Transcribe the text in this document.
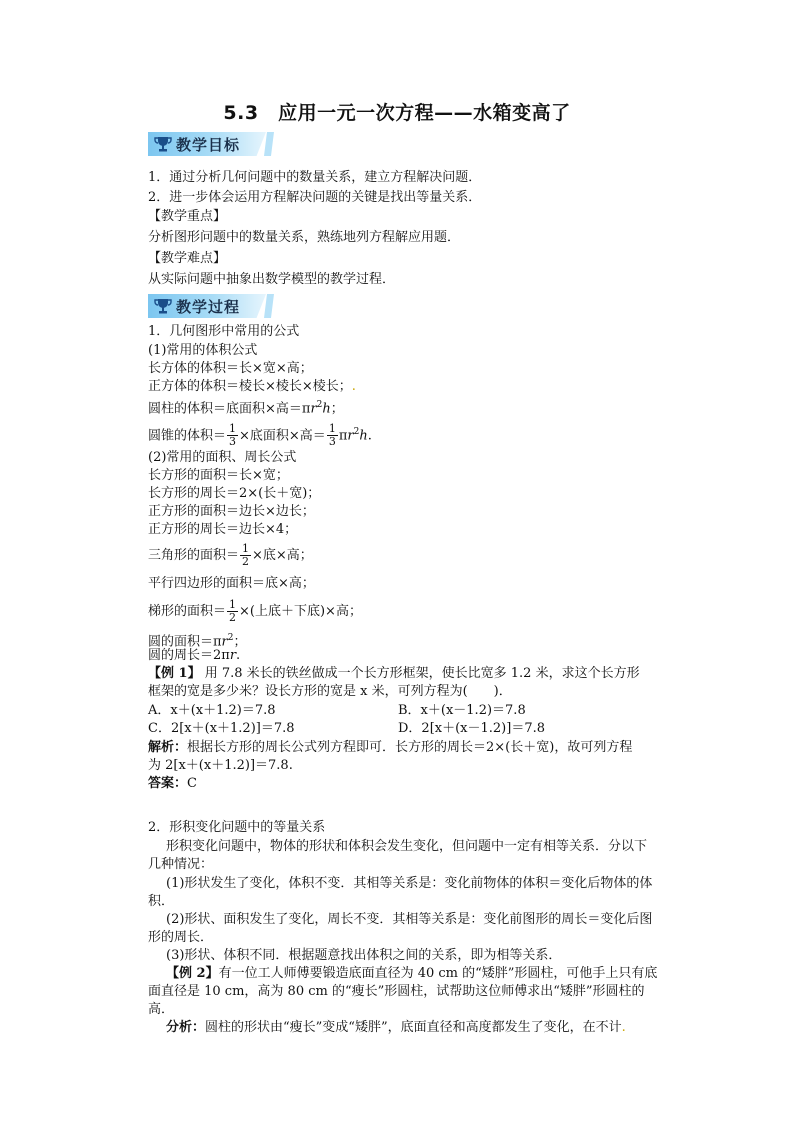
5.3　应用一元一次方程——水箱变高了
教学目标
1．通过分析几何问题中的数量关系，建立方程解决问题．
2．进一步体会运用方程解决问题的关键是找出等量关系．
【教学重点】
分析图形问题中的数量关系，熟练地列方程解应用题．
【教学难点】
从实际问题中抽象出数学模型的教学过程．
教学过程
1．几何图形中常用的公式
(1)常用的体积公式
长方体的体积＝长×宽×高；
正方体的体积＝棱长×棱长×棱长；.
圆柱的体积＝底面积×高$=\pi r^2h$；
圆锥的体积＝ $\frac{1}{3}$ ×底面积×高＝ $\frac{1}{3} \pi r^2h$.
(2)常用的面积、周长公式
长方形的面积＝长×宽；
长方形的周长＝2×(长＋宽)；
正方形的面积＝边长×边长；
正方形的周长＝边长×4；
三角形的面积＝ $\frac{1}{2}$ ×底×高；
平行四边形的面积＝底×高；
梯形的面积＝ $\frac{1}{2}$ ×(上底＋下底)×高；
圆的面积$=\pi r^2$；
圆的周长＝2πr.
【例 1】 用 7.8 米长的铁丝做成一个长方形框架，使长比宽多 1.2 米，求这个长方形
框架的宽是多少米？设长方形的宽是 x 米，可列方程为(　　)．
A．x＋(x＋1.2)＝7.8	B．x＋(x－1.2)＝7.8
C．2[x＋(x＋1.2)]＝7.8	D．2[x＋(x－1.2)]＝7.8
解析：根据长方形的周长公式列方程即可．长方形的周长＝2×(长＋宽)，故可列方程
为 2[x＋(x＋1.2)]＝7.8.
答案：C
2．形积变化问题中的等量关系
形积变化问题中，物体的形状和体积会发生变化，但问题中一定有相等关系．分以下
几种情况：
(1)形状发生了变化，体积不变．其相等关系是：变化前物体的体积＝变化后物体的体
积．
(2)形状、面积发生了变化，周长不变．其相等关系是：变化前图形的周长＝变化后图
形的周长．
(3)形状、体积不同．根据题意找出体积之间的关系，即为相等关系．
【例 2】有一位工人师傅要锻造底面直径为 40 cm 的“矮胖”形圆柱，可他手上只有底
面直径是 10 cm，高为 80 cm 的“瘦长”形圆柱，试帮助这位师傅求出“矮胖”形圆柱的
高．
分析：圆柱的形状由“瘦长”变成“矮胖”，底面直径和高度都发生了变化，在不计.
